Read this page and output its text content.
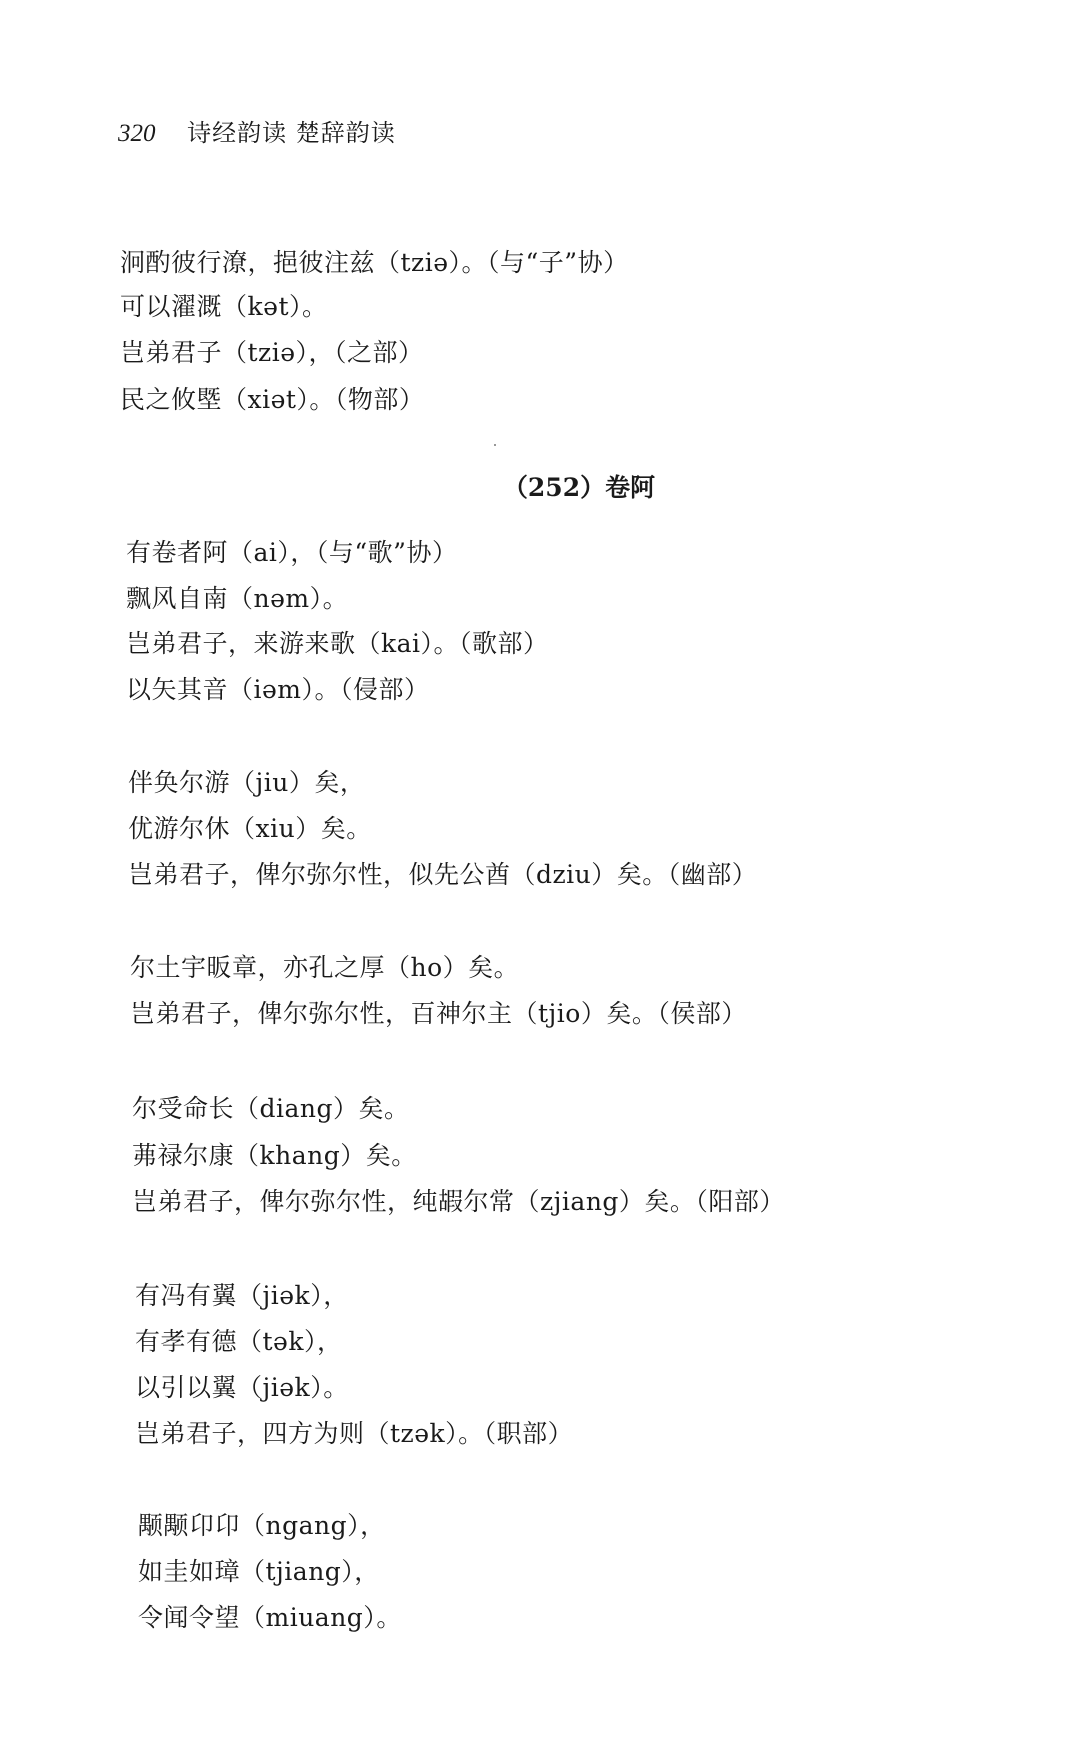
320 诗经韵读 楚辞韵读
泂酌彼行潦，挹彼注兹（tziə）。（与“子”协）
可以濯溉（kət）。
岂弟君子（tziə），（之部）
民之攸塈（xiət）。（物部）
（252）卷阿
有卷者阿（ai），（与“歌”协）
飘风自南（nəm）。
岂弟君子，来游来歌（kai）。（歌部）
以矢其音（iəm）。（侵部）
伴奂尔游（jiu）矣，
优游尔休（xiu）矣。
岂弟君子，俾尔弥尔性，似先公酋（dziu）矣。（幽部）
尔土宇昄章，亦孔之厚（ho）矣。
岂弟君子，俾尔弥尔性，百神尔主（tjio）矣。（侯部）
尔受命长（diang）矣。
茀禄尔康（khang）矣。
岂弟君子，俾尔弥尔性，纯嘏尔常（zjiang）矣。（阳部）
有冯有翼（jiək），
有孝有德（tək），
以引以翼（jiək）。
岂弟君子，四方为则（tzək）。（职部）
颙颙卬卬（ngang），
如圭如璋（tjiang），
令闻令望（miuang）。
